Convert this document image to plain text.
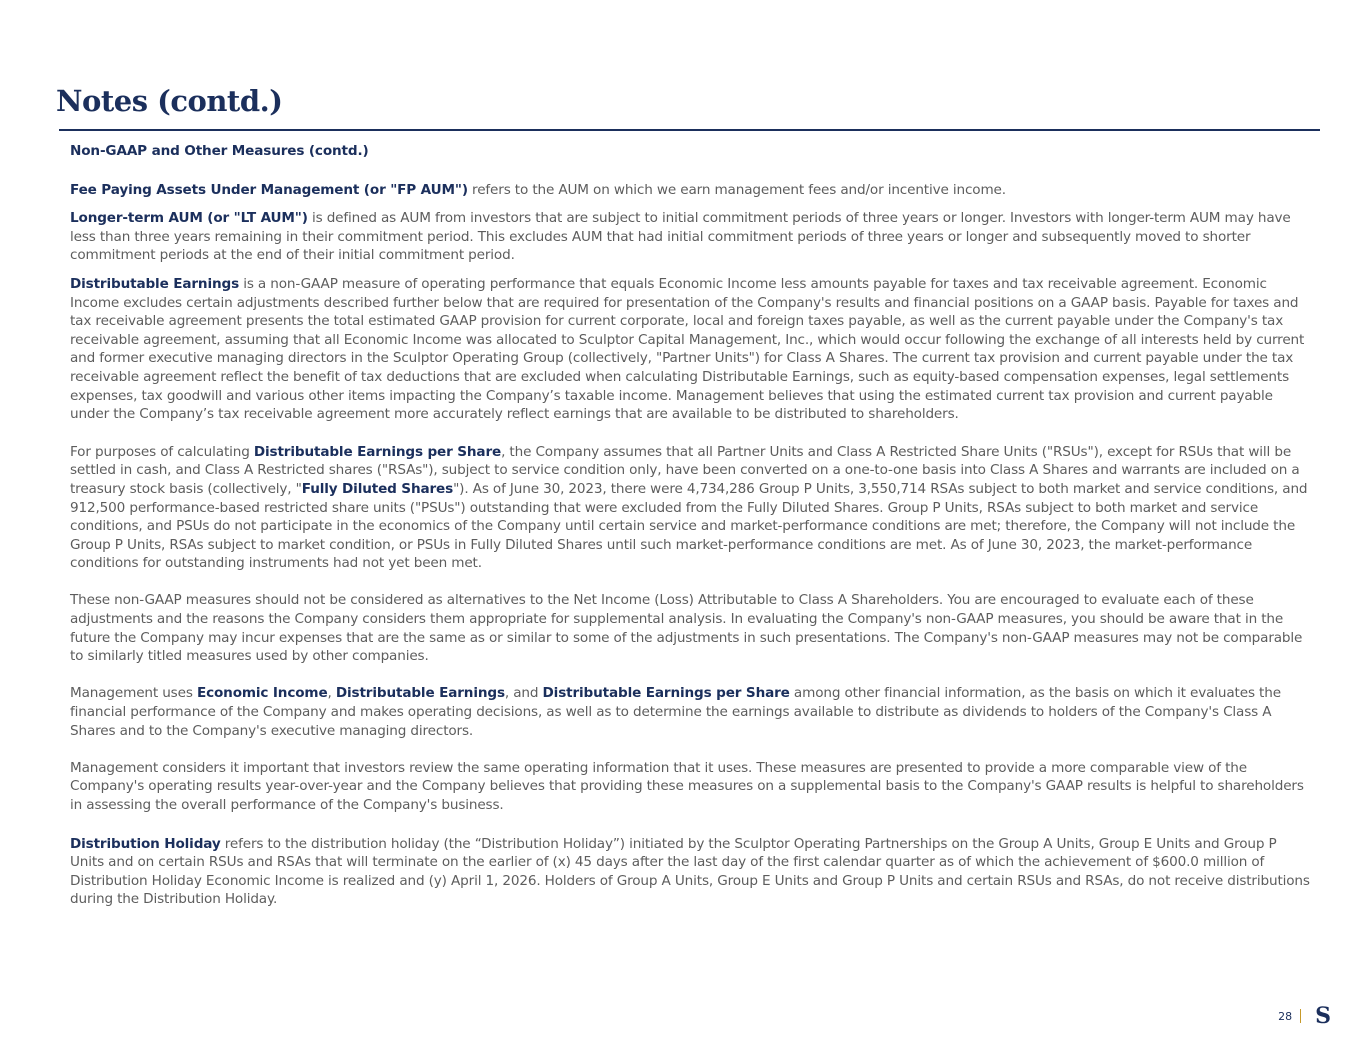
Notes (contd.)

Non-GAAP and Other Measures (contd.)

Fee Paying Assets Under Management (or "FP AUM") refers to the AUM on which we earn management fees and/or incentive income.

Longer-term AUM (or "LT AUM") is defined as AUM from investors that are subject to initial commitment periods of three years or longer. Investors with longer-term AUM may have less than three years remaining in their commitment period. This excludes AUM that had initial commitment periods of three years or longer and subsequently moved to shorter commitment periods at the end of their initial commitment period.

Distributable Earnings is a non-GAAP measure of operating performance that equals Economic Income less amounts payable for taxes and tax receivable agreement. Economic Income excludes certain adjustments described further below that are required for presentation of the Company's results and financial positions on a GAAP basis. Payable for taxes and tax receivable agreement presents the total estimated GAAP provision for current corporate, local and foreign taxes payable, as well as the current payable under the Company's tax receivable agreement, assuming that all Economic Income was allocated to Sculptor Capital Management, Inc., which would occur following the exchange of all interests held by current and former executive managing directors in the Sculptor Operating Group (collectively, "Partner Units") for Class A Shares. The current tax provision and current payable under the tax receivable agreement reflect the benefit of tax deductions that are excluded when calculating Distributable Earnings, such as equity-based compensation expenses, legal settlements expenses, tax goodwill and various other items impacting the Company’s taxable income. Management believes that using the estimated current tax provision and current payable under the Company’s tax receivable agreement more accurately reflect earnings that are available to be distributed to shareholders.

For purposes of calculating Distributable Earnings per Share, the Company assumes that all Partner Units and Class A Restricted Share Units ("RSUs"), except for RSUs that will be settled in cash, and Class A Restricted shares ("RSAs"), subject to service condition only, have been converted on a one-to-one basis into Class A Shares and warrants are included on a treasury stock basis (collectively, "Fully Diluted Shares"). As of June 30, 2023, there were 4,734,286 Group P Units, 3,550,714 RSAs subject to both market and service conditions, and 912,500 performance-based restricted share units ("PSUs") outstanding that were excluded from the Fully Diluted Shares. Group P Units, RSAs subject to both market and service conditions, and PSUs do not participate in the economics of the Company until certain service and market-performance conditions are met; therefore, the Company will not include the Group P Units, RSAs subject to market condition, or PSUs in Fully Diluted Shares until such market-performance conditions are met. As of June 30, 2023, the market-performance conditions for outstanding instruments had not yet been met.

These non-GAAP measures should not be considered as alternatives to the Net Income (Loss) Attributable to Class A Shareholders. You are encouraged to evaluate each of these adjustments and the reasons the Company considers them appropriate for supplemental analysis. In evaluating the Company's non-GAAP measures, you should be aware that in the future the Company may incur expenses that are the same as or similar to some of the adjustments in such presentations. The Company's non-GAAP measures may not be comparable to similarly titled measures used by other companies.

Management uses Economic Income, Distributable Earnings, and Distributable Earnings per Share among other financial information, as the basis on which it evaluates the financial performance of the Company and makes operating decisions, as well as to determine the earnings available to distribute as dividends to holders of the Company's Class A Shares and to the Company's executive managing directors.

Management considers it important that investors review the same operating information that it uses. These measures are presented to provide a more comparable view of the Company's operating results year-over-year and the Company believes that providing these measures on a supplemental basis to the Company's GAAP results is helpful to shareholders in assessing the overall performance of the Company's business.

Distribution Holiday refers to the distribution holiday (the “Distribution Holiday”) initiated by the Sculptor Operating Partnerships on the Group A Units, Group E Units and Group P Units and on certain RSUs and RSAs that will terminate on the earlier of (x) 45 days after the last day of the first calendar quarter as of which the achievement of $600.0 million of Distribution Holiday Economic Income is realized and (y) April 1, 2026. Holders of Group A Units, Group E Units and Group P Units and certain RSUs and RSAs, do not receive distributions during the Distribution Holiday.

28 S
